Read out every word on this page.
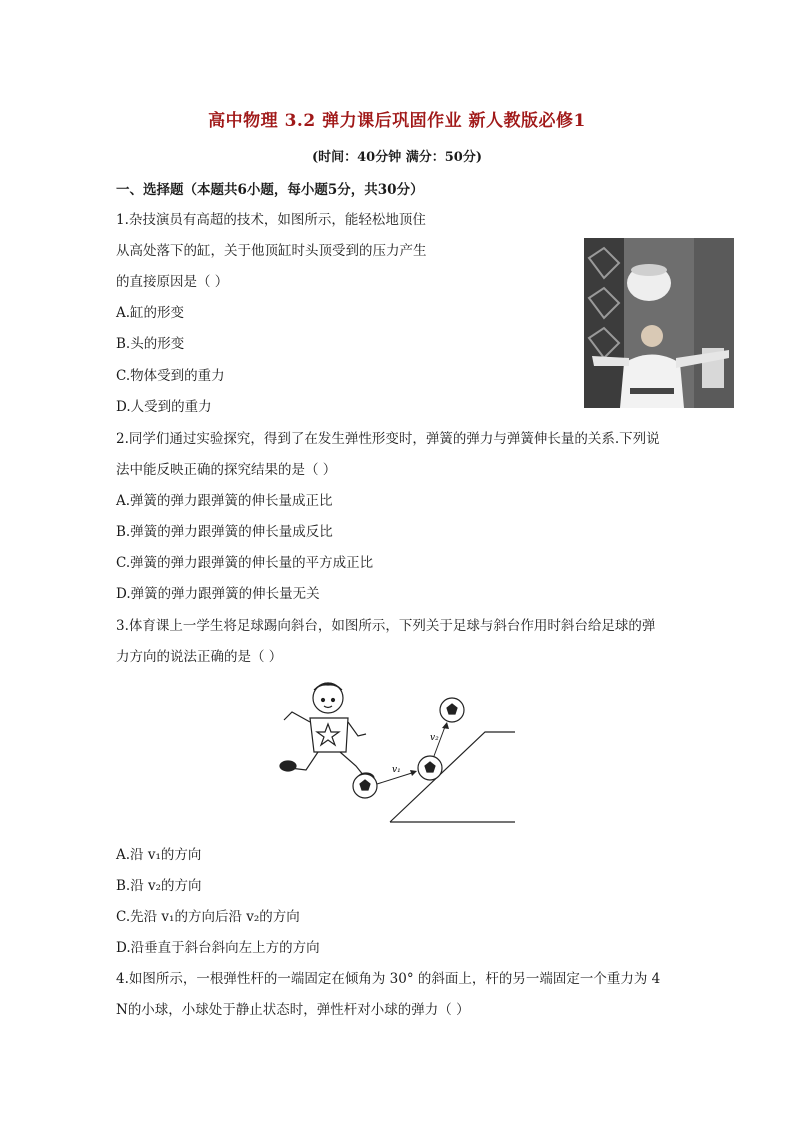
高中物理 3.2 弹力课后巩固作业 新人教版必修1
(时间：40分钟 满分：50分)
一、选择题（本题共6小题，每小题5分，共30分）
1.杂技演员有高超的技术，如图所示，能轻松地顶住
从高处落下的缸，关于他顶缸时头顶受到的压力产生
的直接原因是（ ）
A.缸的形变
B.头的形变
C.物体受到的重力
D.人受到的重力
2.同学们通过实验探究，得到了在发生弹性形变时，弹簧的弹力与弹簧伸长量的关系.下列说
法中能反映正确的探究结果的是（ ）
A.弹簧的弹力跟弹簧的伸长量成正比
B.弹簧的弹力跟弹簧的伸长量成反比
C.弹簧的弹力跟弹簧的伸长量的平方成正比
D.弹簧的弹力跟弹簧的伸长量无关
3.体育课上一学生将足球踢向斜台，如图所示，下列关于足球与斜台作用时斜台给足球的弹
力方向的说法正确的是（ ）
v₁
v₂
A.沿 v₁的方向
B.沿 v₂的方向
C.先沿 v₁的方向后沿 v₂的方向
D.沿垂直于斜台斜向左上方的方向
4.如图所示，一根弹性杆的一端固定在倾角为 30° 的斜面上，杆的另一端固定一个重力为 4
N的小球，小球处于静止状态时，弹性杆对小球的弹力（ ）
